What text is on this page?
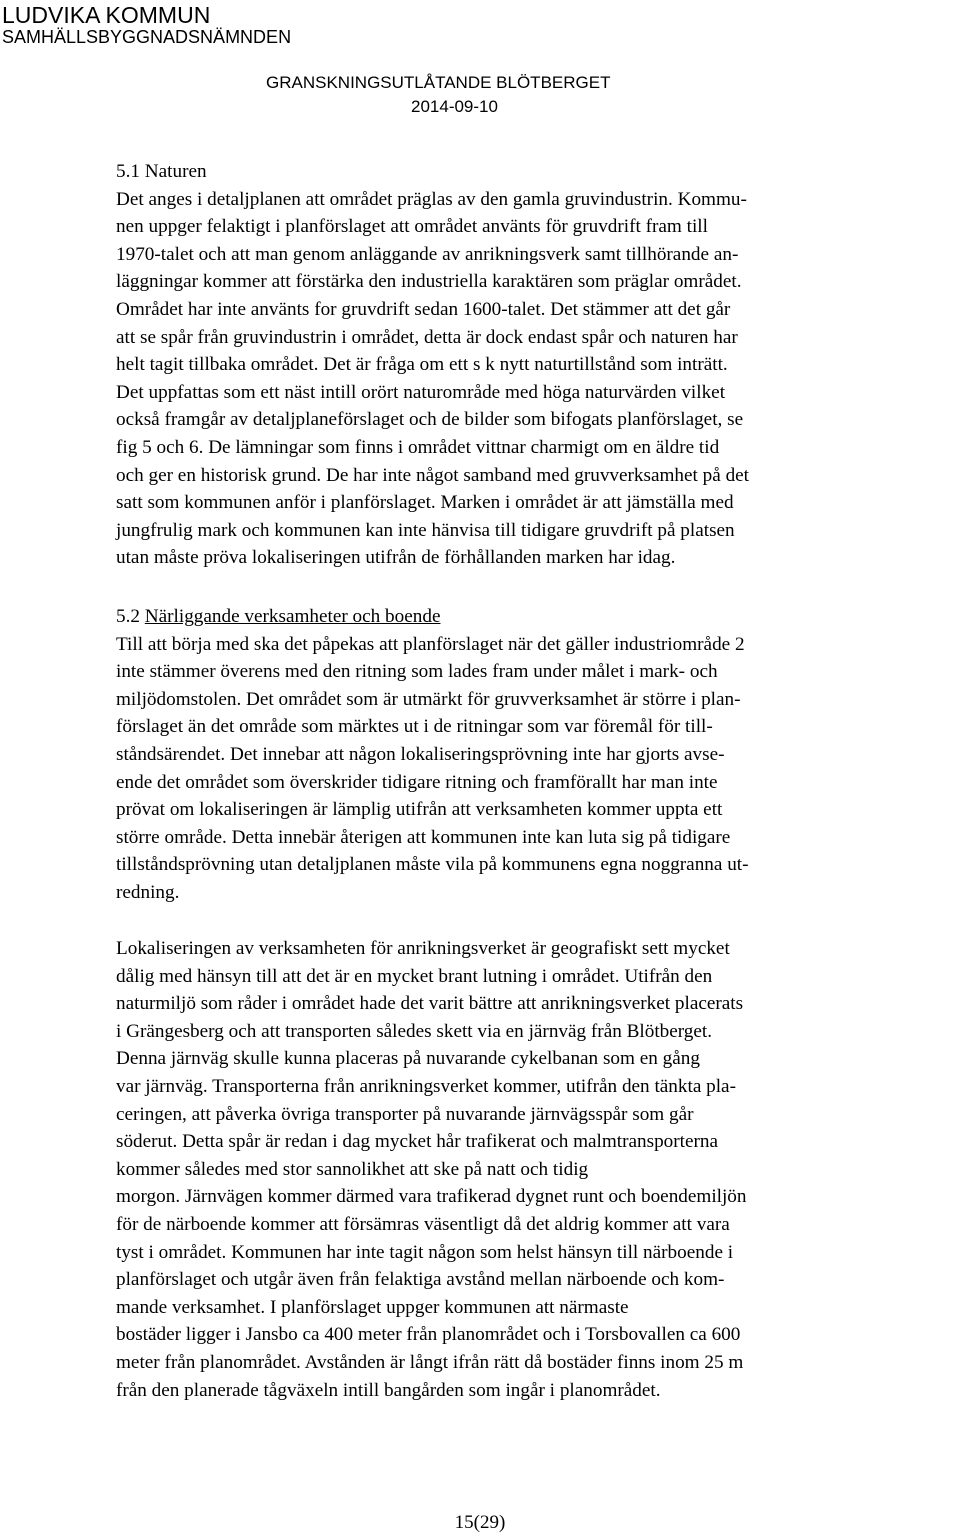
LUDVIKA KOMMUN
SAMHÄLLSBYGGNADSNÄMNDEN
GRANSKNINGSUTLÅTANDE BLÖTBERGET
2014-09-10
5.1 Naturen

Det anges i detaljplanen att området präglas av den gamla gruvindustrin. Kommu-

nen uppger felaktigt i planförslaget att området använts för gruvdrift fram till

1970-talet och att man genom anläggande av anrikningsverk samt tillhörande an-

läggningar kommer att förstärka den industriella karaktären som präglar området.

Området har inte använts for gruvdrift sedan 1600-talet. Det stämmer att det går

att se spår från gruvindustrin i området, detta är dock endast spår och naturen har

helt tagit tillbaka området. Det är fråga om ett s k nytt naturtillstånd som inträtt.

Det uppfattas som ett näst intill orört naturområde med höga naturvärden vilket

också framgår av detaljplaneförslaget och de bilder som bifogats planförslaget, se

fig 5 och 6. De lämningar som finns i området vittnar charmigt om en äldre tid

och ger en historisk grund. De har inte något samband med gruvverksamhet på det

satt som kommunen anför i planförslaget. Marken i området är att jämställa med

jungfrulig mark och kommunen kan inte hänvisa till tidigare gruvdrift på platsen

utan måste pröva lokaliseringen utifrån de förhållanden marken har idag.

5.2 Närliggande verksamheter och boende

Till att börja med ska det påpekas att planförslaget när det gäller industriområde 2

inte stämmer överens med den ritning som lades fram under målet i mark- och

miljödomstolen. Det området som är utmärkt för gruvverksamhet är större i plan-

förslaget än det område som märktes ut i de ritningar som var föremål för till-

ståndsärendet. Det innebar att någon lokaliseringsprövning inte har gjorts avse-

ende det området som överskrider tidigare ritning och framförallt har man inte

prövat om lokaliseringen är lämplig utifrån att verksamheten kommer uppta ett

större område. Detta innebär återigen att kommunen inte kan luta sig på tidigare

tillståndsprövning utan detaljplanen måste vila på kommunens egna noggranna ut-

redning.

Lokaliseringen av verksamheten för anrikningsverket är geografiskt sett mycket

dålig med hänsyn till att det är en mycket brant lutning i området. Utifrån den

naturmiljö som råder i området hade det varit bättre att anrikningsverket placerats

i Grängesberg och att transporten således skett via en järnväg från Blötberget.

Denna järnväg skulle kunna placeras på nuvarande cykelbanan som en gång

var järnväg. Transporterna från anrikningsverket kommer, utifrån den tänkta pla-

ceringen, att påverka övriga transporter på nuvarande järnvägsspår som går

söderut. Detta spår är redan i dag mycket hår trafikerat och malmtransporterna

kommer således med stor sannolikhet att ske på natt och tidig

morgon. Järnvägen kommer därmed vara trafikerad dygnet runt och boendemiljön

för de närboende kommer att försämras väsentligt då det aldrig kommer att vara

tyst i området. Kommunen har inte tagit någon som helst hänsyn till närboende i

planförslaget och utgår även från felaktiga avstånd mellan närboende och kom-

mande verksamhet. I planförslaget uppger kommunen att närmaste

bostäder ligger i Jansbo ca 400 meter från planområdet och i Torsbovallen ca 600

meter från planområdet. Avstånden är långt ifrån rätt då bostäder finns inom 25 m

från den planerade tågväxeln intill bangården som ingår i planområdet.

15(29)
